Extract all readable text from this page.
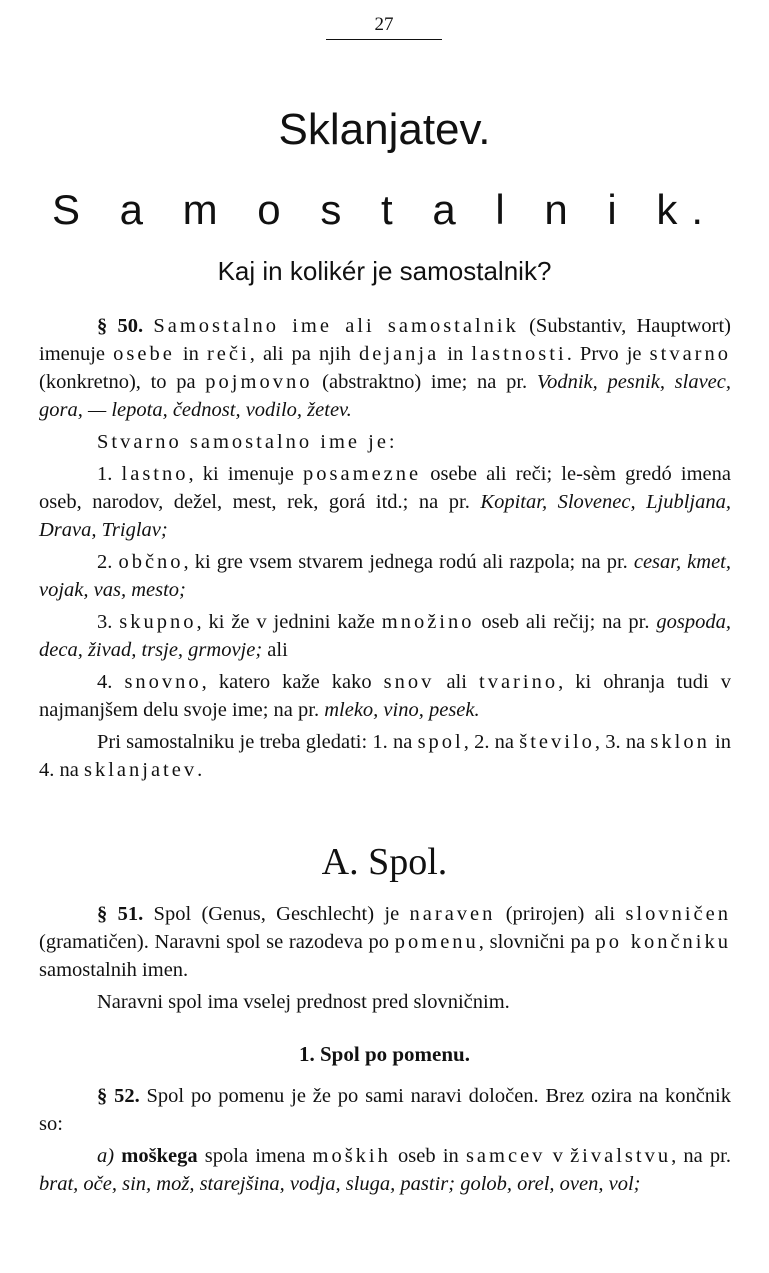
27
Sklanjatev.
S a m o s t a l n i k.
Kaj in kolikér je samostalnik?

§ 50. Samostalno ime ali samostalnik (Substantiv, Hauptwort) imenuje osebe in reči, ali pa njih dejanja in lastnosti. Prvo je stvarno (konkretno), to pa pojmovno (abstraktno) ime; na pr. Vodnik, pesnik, slavec, gora, — lepota, čednost, vodilo, žetev.

Stvarno samostalno ime je:

1. lastno, ki imenuje posamezne osebe ali reči; le-sèm gredó imena oseb, narodov, dežel, mest, rek, gorá itd.; na pr. Kopitar, Slovenec, Ljubljana, Drava, Triglav;

2. občno, ki gre vsem stvarem jednega rodú ali razpola; na pr. cesar, kmet, vojak, vas, mesto;

3. skupno, ki že v jednini kaže množino oseb ali rečij; na pr. gospoda, deca, živad, trsje, grmovje; ali

4. snovno, katero kaže kako snov ali tvarino, ki ohranja tudi v najmanjšem delu svoje ime; na pr. mleko, vino, pesek.

Pri samostalniku je treba gledati: 1. na spol, 2. na število, 3. na sklon in 4. na sklanjatev.

A. Spol.

§ 51. Spol (Genus, Geschlecht) je naraven (prirojen) ali slovničen (gramatičen). Naravni spol se razodeva po pomenu, slovnični pa po končniku samostalnih imen.

Naravni spol ima vselej prednost pred slovničnim.

1. Spol po pomenu.

§ 52. Spol po pomenu je že po sami naravi določen. Brez ozira na končnik so:

a) moškega spola imena moških oseb in samcev v živalstvu, na pr. brat, oče, sin, mož, starejšina, vodja, sluga, pastir; golob, orel, oven, vol;
